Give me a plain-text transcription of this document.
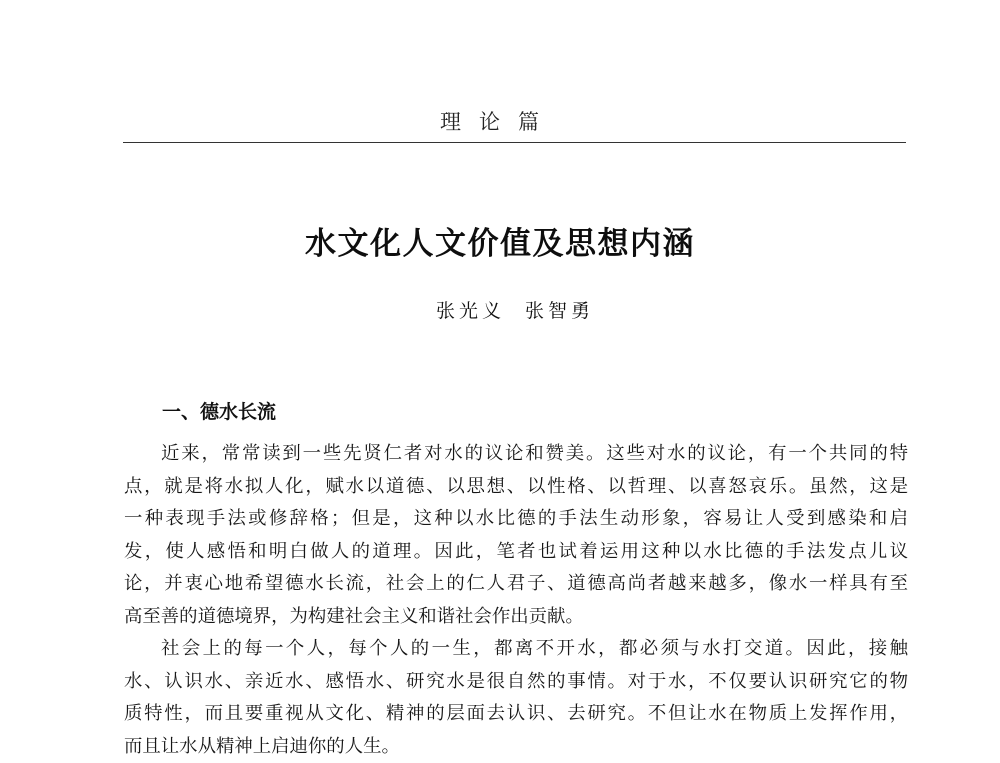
理论篇
水文化人文价值及思想内涵
张光义 张智勇
一、德水长流
近来，常常读到一些先贤仁者对水的议论和赞美。这些对水的议论，有一个共同的特
点，就是将水拟人化，赋水以道德、以思想、以性格、以哲理、以喜怒哀乐。虽然，这是
一种表现手法或修辞格；但是，这种以水比德的手法生动形象，容易让人受到感染和启
发，使人感悟和明白做人的道理。因此，笔者也试着运用这种以水比德的手法发点儿议
论，并衷心地希望德水长流，社会上的仁人君子、道德高尚者越来越多，像水一样具有至
高至善的道德境界，为构建社会主义和谐社会作出贡献。
社会上的每一个人，每个人的一生，都离不开水，都必须与水打交道。因此，接触
水、认识水、亲近水、感悟水、研究水是很自然的事情。对于水，不仅要认识研究它的物
质特性，而且要重视从文化、精神的层面去认识、去研究。不但让水在物质上发挥作用，
而且让水从精神上启迪你的人生。
